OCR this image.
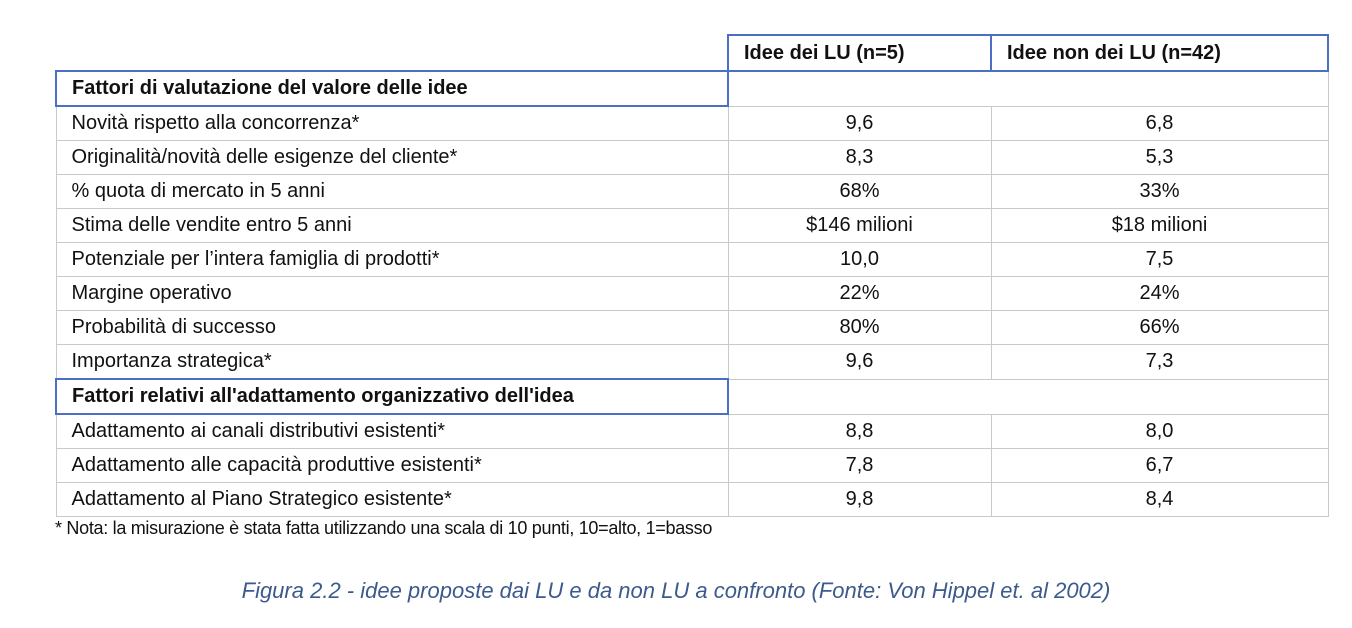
	Idee dei LU (n=5)	Idee non dei LU (n=42)
Fattori di valutazione del valore delle idee		
Novità rispetto alla concorrenza*	9,6	6,8
Originalità/novità delle esigenze del cliente*	8,3	5,3
% quota di mercato in 5 anni	68%	33%
Stima delle vendite entro 5 anni	$146 milioni	$18 milioni
Potenziale per l’intera famiglia di prodotti*	10,0	7,5
Margine operativo	22%	24%
Probabilità di successo	80%	66%
Importanza strategica*	9,6	7,3
Fattori relativi all'adattamento organizzativo dell'idea		
Adattamento ai canali distributivi esistenti*	8,8	8,0
Adattamento alle capacità produttive esistenti*	7,8	6,7
Adattamento al Piano Strategico esistente*	9,8	8,4
* Nota: la misurazione è stata fatta utilizzando una scala di 10 punti, 10=alto, 1=basso
Figura 2.2 - idee proposte dai LU e da non LU a confronto (Fonte: Von Hippel et. al 2002)
